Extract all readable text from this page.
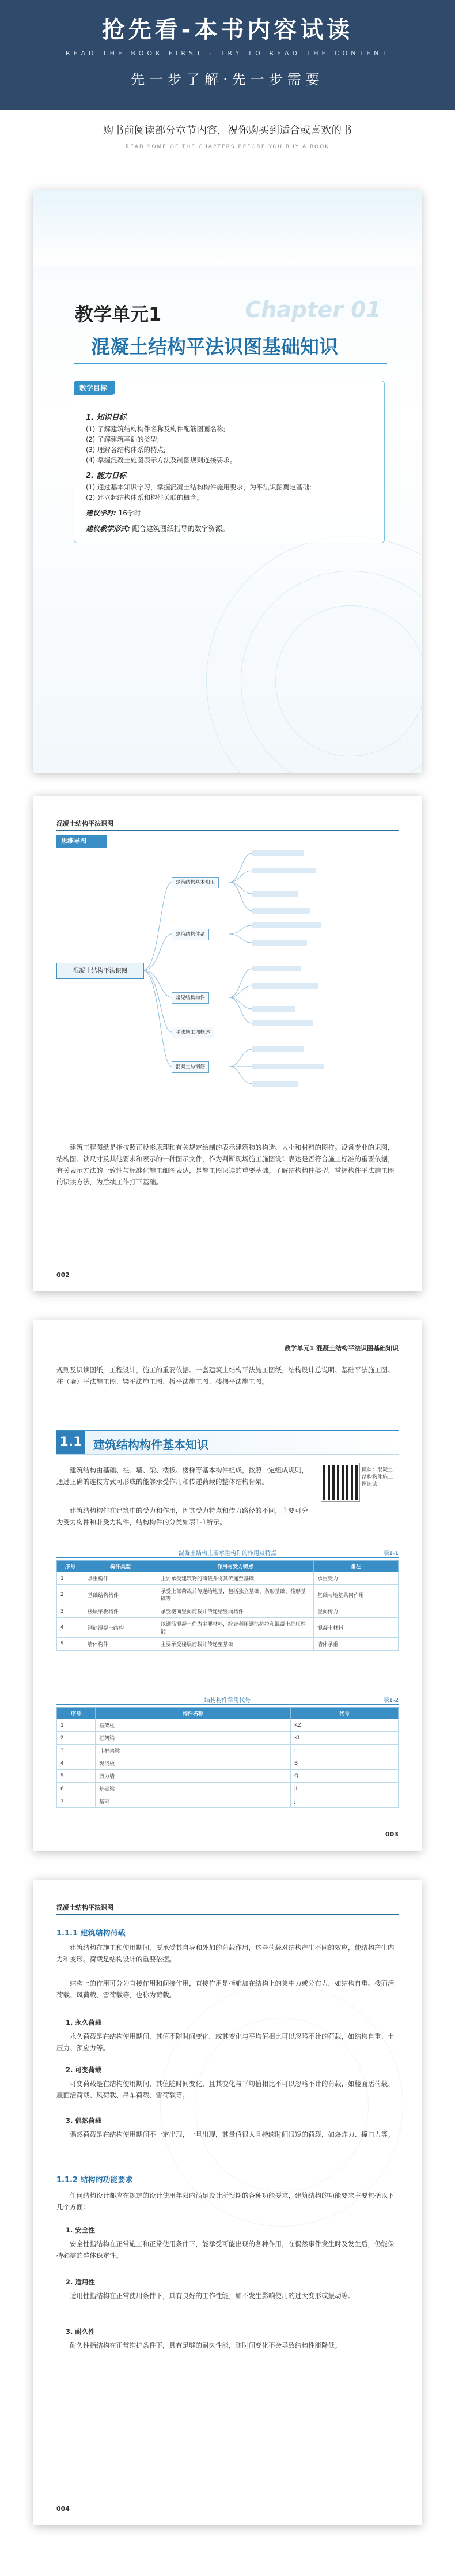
抢先看-本书内容试读
READ THE BOOK FIRST - TRY TO READ THE CONTENT
先一步了解·先一步需要
购书前阅读部分章节内容，祝你购买到适合或喜欢的书
READ SOME OF THE CHAPTERS BEFORE YOU BUY A BOOK
教学单元1	Chapter 01
混凝土结构平法识图基础知识
教学目标
1. 知识目标

(1) 了解建筑结构构件名称及构件配筋图画名称;

(2) 了解建筑基础的类型;

(3) 理解各结构体系的特点;

(4) 掌握混凝土施图表示方法及制图规则连接要求。

2. 能力目标

(1) 通过基本知识学习，掌握混凝土结构构件施用要求，为平法识图奠定基础;

(2) 建立起结构体系和构件关联的概念。

建议学时: 16学时
建议教学形式: 配合建筑图纸指导的数字资源。
混凝土结构平法识图
思维导图
混凝土结构平法识图
建筑结构基本知识
建筑结构体系
常见结构构件
平法施工图概述
混凝土与钢筋
建筑工程图纸是指按照正投影原理和有关规定绘制的表示建筑物的构造、大小和材料的图样。设备专业的识图，结构图、铁尺寸及其他要求和表示的一种图示文件，作为判断现场施工施图设计表达是否符合施工标准的重要依据，有关表示方法的一致性与标准化施工细图表达，是施工图识读的重要基础。了解结构构件类型，掌握构件平法施工图的识读方法，为后续工作打下基础。
002
教学单元1 混凝土结构平法识图基础知识
规则及识读图纸，工程设计，施工的重要依据。一套建筑土结构平法施工图纸，结构设计总说明、基础平法施工图、柱（墙）平法施工图、梁平法施工图、板平法施工图、楼梯平法施工图。
1.1 建筑结构构件基本知识
微课：混凝土结构构件施工图识读
建筑结构由基础、柱、墙、梁、楼板、楼梯等基本构件组成，按照一定组成规则，通过正确的连接方式可形成的能够承受作用和传递荷载的整体结构骨架。
建筑结构构件在建筑中的受力和作用，因其受力特点和传力路径的不同，主要可分为受力构件和非受力构件，结构构件的分类如表1-1所示。
混凝土结构主要承重构件的作用及特点	表1-1
序号	构件类型	作用与受力特点	备注
1	承重构件	主要承受建筑物的荷载并将其传递至基础	承重受力
2	基础结构构件	承受上部荷载并传递给地基，包括独立基础、条形基础、筏形基础等	基础与地基共同作用
3	楼层梁板构件	承受楼面竖向荷载并传递给竖向构件	竖向传力
4	钢筋混凝土结构	以钢筋混凝土作为主要材料，综合利用钢筋抗拉和混凝土抗压性能	混凝土材料
5	墙体构件	主要承受楼层荷载并传递至基础	墙体承重
结构构件常用代号	表1-2
序号	构件名称	代号
1	框架柱	KZ
2	框架梁	KL
3	非框架梁	L
4	现浇板	B
5	剪力墙	Q
6	基础梁	JL
7	基础	J
003
混凝土结构平法识图
1.1.1 建筑结构荷载
建筑结构在施工和使用期间，要承受其自身和外加的荷载作用，这些荷载对结构产生不同的效应，使结构产生内力和变形。荷载是结构设计的重要依据。
结构上的作用可分为直接作用和间接作用，直接作用是指施加在结构上的集中力或分布力，如结构自重、楼面活荷载、风荷载、雪荷载等，也称为荷载。
1. 永久荷载
永久荷载是在结构使用期间，其值不随时间变化，或其变化与平均值相比可以忽略不计的荷载，如结构自重、土压力、预应力等。
2. 可变荷载
可变荷载是在结构使用期间，其值随时间变化，且其变化与平均值相比不可以忽略不计的荷载，如楼面活荷载、屋面活荷载、风荷载、吊车荷载、雪荷载等。
3. 偶然荷载
偶然荷载是在结构使用期间不一定出现，一旦出现，其量值很大且持续时间很短的荷载，如爆炸力、撞击力等。
1.1.2 结构的功能要求
任何结构设计都应在规定的设计使用年限内满足设计所预期的各种功能要求，建筑结构的功能要求主要包括以下几个方面：
1. 安全性
安全性指结构在正常施工和正常使用条件下，能承受可能出现的各种作用，在偶然事件发生时及发生后，仍能保持必需的整体稳定性。
2. 适用性
适用性指结构在正常使用条件下，具有良好的工作性能，如不发生影响使用的过大变形或振动等。
3. 耐久性
耐久性指结构在正常维护条件下，具有足够的耐久性能，随时间变化不会导致结构性能降低。
004
